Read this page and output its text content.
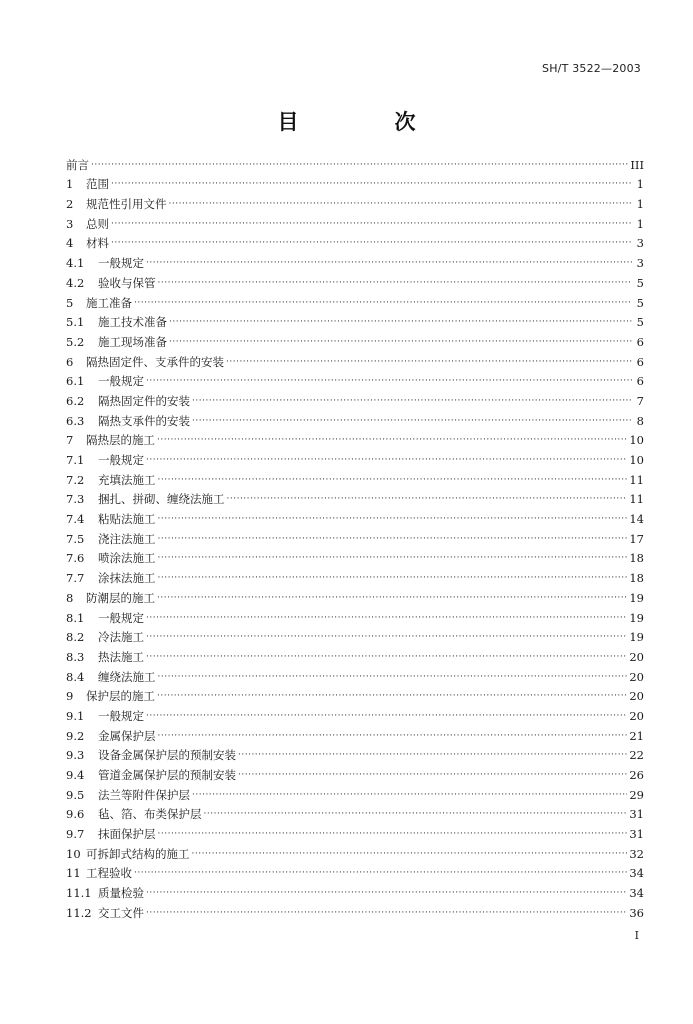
SH/T 3522—2003
目	次
前言 ·····	III
1	范围 ·····	1
2	规范性引用文件 ·····	1
3	总则 ·····	1
4	材料 ·····	3
4.1	一般规定 ·····	3
4.2	验收与保管 ·····	5
5	施工准备 ·····	5
5.1	施工技术准备 ·····	5
5.2	施工现场准备 ·····	6
6	隔热固定件、支承件的安装 ·····	6
6.1	一般规定 ·····	6
6.2	隔热固定件的安装 ·····	7
6.3	隔热支承件的安装 ·····	8
7	隔热层的施工 ·····	10
7.1	一般规定 ·····	10
7.2	充填法施工 ·····	11
7.3	捆扎、拼砌、缠绕法施工 ·····	11
7.4	粘贴法施工 ·····	14
7.5	浇注法施工 ·····	17
7.6	喷涂法施工 ·····	18
7.7	涂抹法施工 ·····	18
8	防潮层的施工 ·····	19
8.1	一般规定 ·····	19
8.2	冷法施工 ·····	19
8.3	热法施工 ·····	20
8.4	缠绕法施工 ·····	20
9	保护层的施工 ·····	20
9.1	一般规定 ·····	20
9.2	金属保护层 ·····	21
9.3	设备金属保护层的预制安装 ·····	22
9.4	管道金属保护层的预制安装 ·····	26
9.5	法兰等附件保护层 ·····	29
9.6	毡、箔、布类保护层 ·····	31
9.7	抹面保护层 ·····	31
10 可拆卸式结构的施工 ·····	32
11 工程验收 ·····	34
11.1 质量检验 ·····	34
11.2 交工文件 ·····	36
I
